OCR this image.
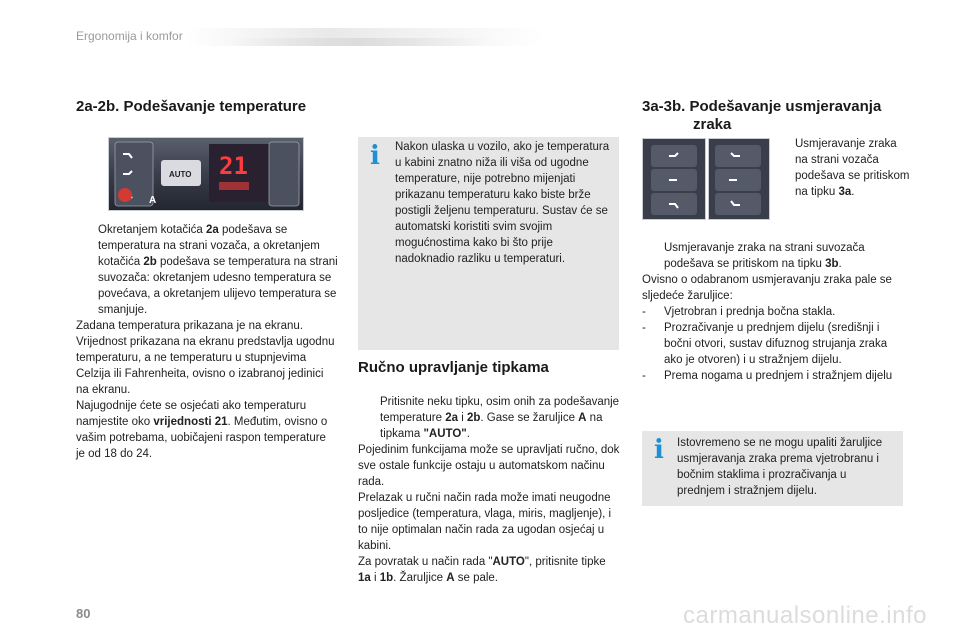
Ergonomija i komfor
2a-2b. Podešavanje temperature
A
AUTO 21
Okretanjem kotačića 2a podešava se temperatura na strani vozača, a okretanjem kotačića 2b podešava se temperatura na strani suvozača: okretanjem udesno temperatura se povećava, a okretanjem ulijevo temperatura se smanjuje.

Zadana temperatura prikazana je na ekranu. Vrijednost prikazana na ekranu predstavlja ugodnu temperaturu, a ne temperaturu u stupnjevima Celzija ili Fahrenheita, ovisno o izabranoj jedinici na ekranu.

Najugodnije ćete se osjećati ako temperaturu namjestite oko vrijednosti 21. Međutim, ovisno o vašim potrebama, uobičajeni raspon temperature je od 18 do 24.

i Nakon ulaska u vozilo, ako je temperatura u kabini znatno niža ili viša od ugodne temperature, nije potrebno mijenjati prikazanu temperaturu kako biste brže postigli željenu temperaturu. Sustav će se automatski koristiti svim svojim mogućnostima kako bi što prije nadoknadio razliku u temperaturi.
Ručno upravljanje tipkama
Pritisnite neku tipku, osim onih za podešavanje temperature 2a i 2b. Gase se žaruljice A na tipkama "AUTO".

Pojedinim funkcijama može se upravljati ručno, dok sve ostale funkcije ostaju u automatskom načinu rada.

Prelazak u ručni način rada može imati neugodne posljedice (temperatura, vlaga, miris, magljenje), i to nije optimalan način rada za ugodan osjećaj u kabini.

Za povratak u način rada "AUTO", pritisnite tipke 1a i 1b. Žaruljice A se pale.

3a-3b. Podešavanje usmjeravanja
zraka
Usmjeravanje zraka na strani vozača podešava se pritiskom na tipku 3a.
Usmjeravanje zraka na strani suvozača podešava se pritiskom na tipku 3b.

Ovisno o odabranom usmjeravanju zraka pale se sljedeće žaruljice:

-	Vjetrobran i prednja bočna stakla.
-	Prozračivanje u prednjem dijelu (središnji i bočni otvori, sustav difuznog strujanja zraka ako je otvoren) i u stražnjem dijelu.
-	Prema nogama u prednjem i stražnjem dijelu
i Istovremeno se ne mogu upaliti žaruljice usmjeravanja zraka prema vjetrobranu i bočnim staklima i prozračivanja u prednjem i stražnjem dijelu.
80	carmanualsonline.info
